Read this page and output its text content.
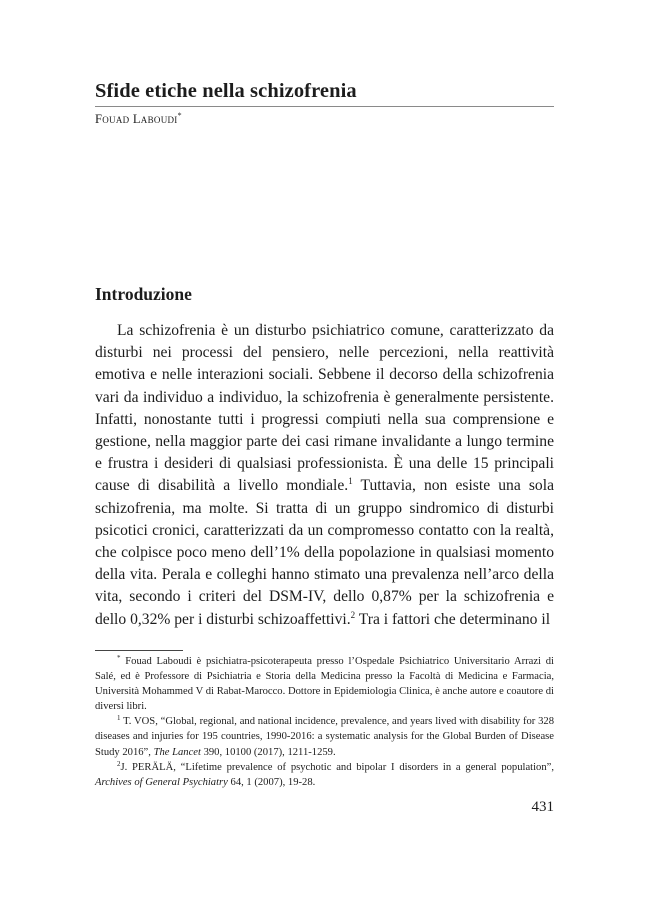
Sfide etiche nella schizofrenia
Fouad Laboudi*
Introduzione

La schizofrenia è un disturbo psichiatrico comune, caratterizzato da disturbi nei processi del pensiero, nelle percezioni, nella reattività emotiva e nelle interazioni sociali. Sebbene il decorso della schizofrenia vari da individuo a individuo, la schizofrenia è generalmente persistente. Infatti, nonostante tutti i progressi compiuti nella sua comprensione e gestione, nella maggior parte dei casi rimane invalidante a lungo termine e frustra i desideri di qualsiasi professionista. È una delle 15 principali cause di disabilità a livello mondiale.$^1$ Tuttavia, non esiste una sola schizofrenia, ma molte. Si tratta di un gruppo sindromico di disturbi psicotici cronici, caratterizzati da un compromesso contatto con la realtà, che colpisce poco meno dell’1% della popolazione in qualsiasi momento della vita. Perala e colleghi hanno stimato una prevalenza nell’arco della vita, secondo i criteri del DSM-IV, dello 0,87% per la schizofrenia e dello 0,32% per i disturbi schizoaffettivi.$^2$ Tra i fattori che determinano il

* Fouad Laboudi è psichiatra-psicoterapeuta presso l’Ospedale Psichiatrico Universitario Arrazi di Salé, ed è Professore di Psichiatria e Storia della Medicina presso la Facoltà di Medicina e Farmacia, Università Mohammed V di Rabat-Marocco. Dottore in Epidemiologia Clinica, è anche autore e coautore di diversi libri.

$^1$ T. VOS, “Global, regional, and national incidence, prevalence, and years lived with disability for 328 diseases and injuries for 195 countries, 1990-2016: a systematic analysis for the Global Burden of Disease Study 2016”, The Lancet 390, 10100 (2017), 1211-1259.

$^2$J. PERÄLÄ, “Lifetime prevalence of psychotic and bipolar I disorders in a general population”, Archives of General Psychiatry 64, 1 (2007), 19-28.

431
